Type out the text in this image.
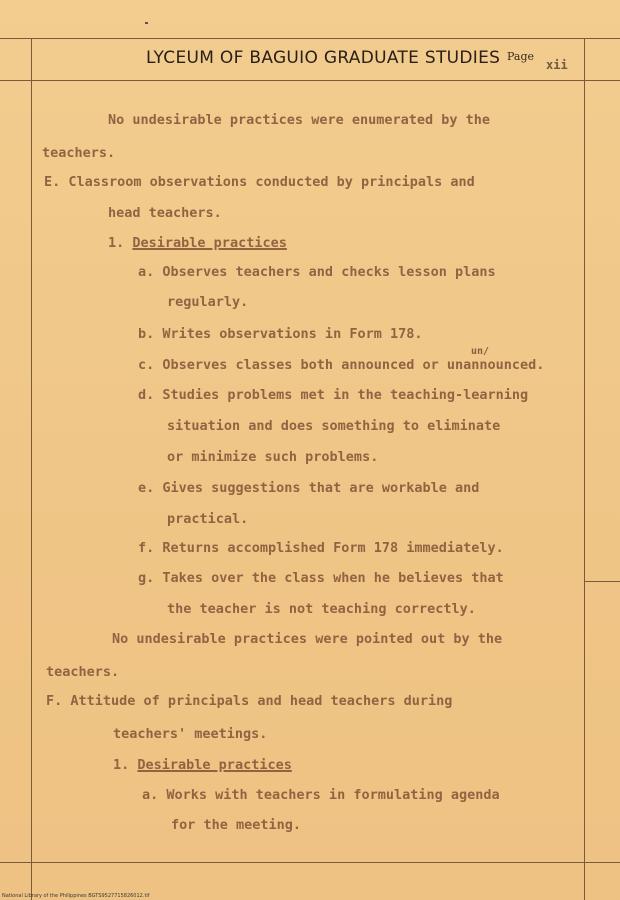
LYCEUM OF BAGUIO GRADUATE STUDIES Page
xii
No undesirable practices were enumerated by the
teachers.
E. Classroom observations conducted by principals and
head teachers.
1. Desirable practices
a. Observes teachers and checks lesson plans
regularly.
b. Writes observations in Form 178.
un/
c. Observes classes both announced or unannounced.
d. Studies problems met in the teaching-learning
situation and does something to eliminate
or minimize such problems.
e. Gives suggestions that are workable and
practical.
f. Returns accomplished Form 178 immediately.
g. Takes over the class when he believes that
the teacher is not teaching correctly.
No undesirable practices were pointed out by the
teachers.
F. Attitude of principals and head teachers during
teachers' meetings.
1. Desirable practices
a. Works with teachers in formulating agenda
for the meeting.
National Library of the Philippines BGTS9527715826012.tif
